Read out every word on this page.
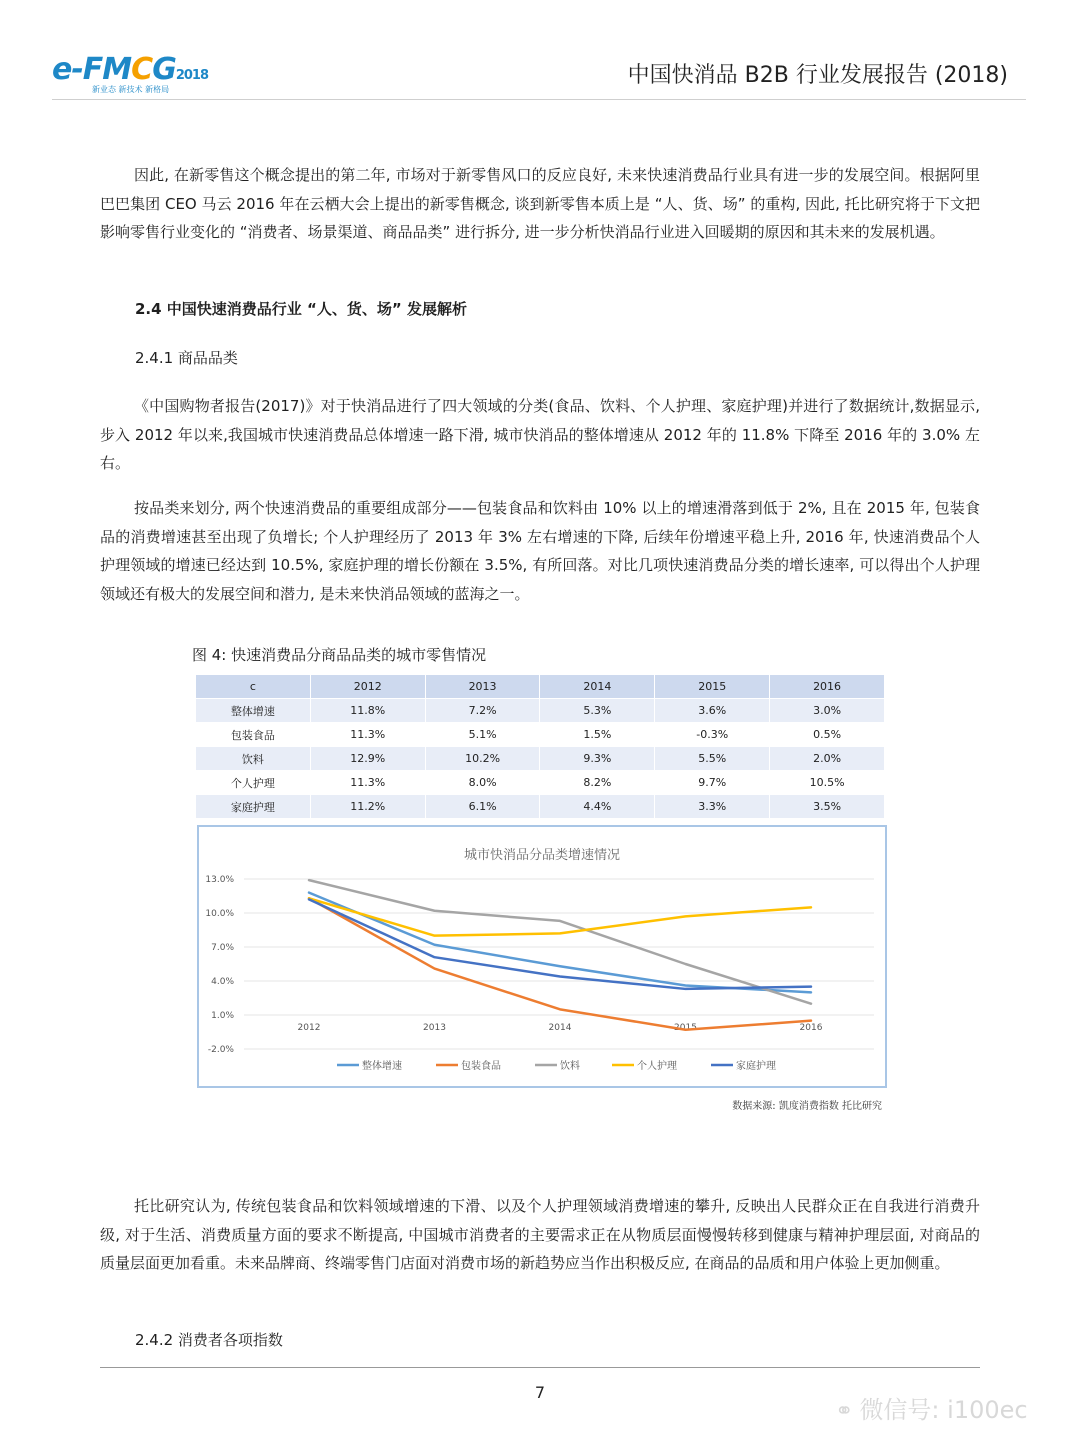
e-FMCG2018
新业态 新技术 新格局
中国快消品 B2B 行业发展报告 (2018)

因此, 在新零售这个概念提出的第二年, 市场对于新零售风口的反应良好, 未来快速消费品行业具有进一步的发展空间。根据阿里巴巴集团 CEO 马云 2016 年在云栖大会上提出的新零售概念, 谈到新零售本质上是 “人、货、场” 的重构, 因此, 托比研究将于下文把影响零售行业变化的 “消费者、场景渠道、商品品类” 进行拆分, 进一步分析快消品行业进入回暖期的原因和其未来的发展机遇。

2.4 中国快速消费品行业 “人、货、场” 发展解析
2.4.1 商品品类

《中国购物者报告(2017)》对于快消品进行了四大领域的分类(食品、饮料、个人护理、家庭护理)并进行了数据统计,数据显示,步入 2012 年以来,我国城市快速消费品总体增速一路下滑, 城市快消品的整体增速从 2012 年的 11.8% 下降至 2016 年的 3.0% 左右。

按品类来划分, 两个快速消费品的重要组成部分——包装食品和饮料由 10% 以上的增速滑落到低于 2%, 且在 2015 年, 包装食品的消费增速甚至出现了负增长; 个人护理经历了 2013 年 3% 左右增速的下降, 后续年份增速平稳上升, 2016 年, 快速消费品个人护理领域的增速已经达到 10.5%, 家庭护理的增长份额在 3.5%, 有所回落。对比几项快速消费品分类的增长速率, 可以得出个人护理领域还有极大的发展空间和潜力, 是未来快消品领域的蓝海之一。

图 4: 快速消费品分商品品类的城市零售情况
c	2012	2013	2014	2015	2016
整体增速	11.8%	7.2%	5.3%	3.6%	3.0%
包装食品	11.3%	5.1%	1.5%	-0.3%	0.5%
饮料	12.9%	10.2%	9.3%	5.5%	2.0%
个人护理	11.3%	8.0%	8.2%	9.7%	10.5%
家庭护理	11.2%	6.1%	4.4%	3.3%	3.5%
城市快消品分品类增速情况
13.0%
10.0%
7.0%
4.0%
1.0%
-2.0%
2012	2013	2014	2015	2016
整体增速	包装食品	饮料	个人护理	家庭护理
数据来源: 凯度消费指数 托比研究

托比研究认为, 传统包装食品和饮料领域增速的下滑、以及个人护理领域消费增速的攀升, 反映出人民群众正在自我进行消费升级, 对于生活、消费质量方面的要求不断提高, 中国城市消费者的主要需求正在从物质层面慢慢转移到健康与精神护理层面, 对商品的质量层面更加看重。未来品牌商、终端零售门店面对消费市场的新趋势应当作出积极反应, 在商品的品质和用户体验上更加侧重。

2.4.2 消费者各项指数
7
⚭ 微信号: i100ec
